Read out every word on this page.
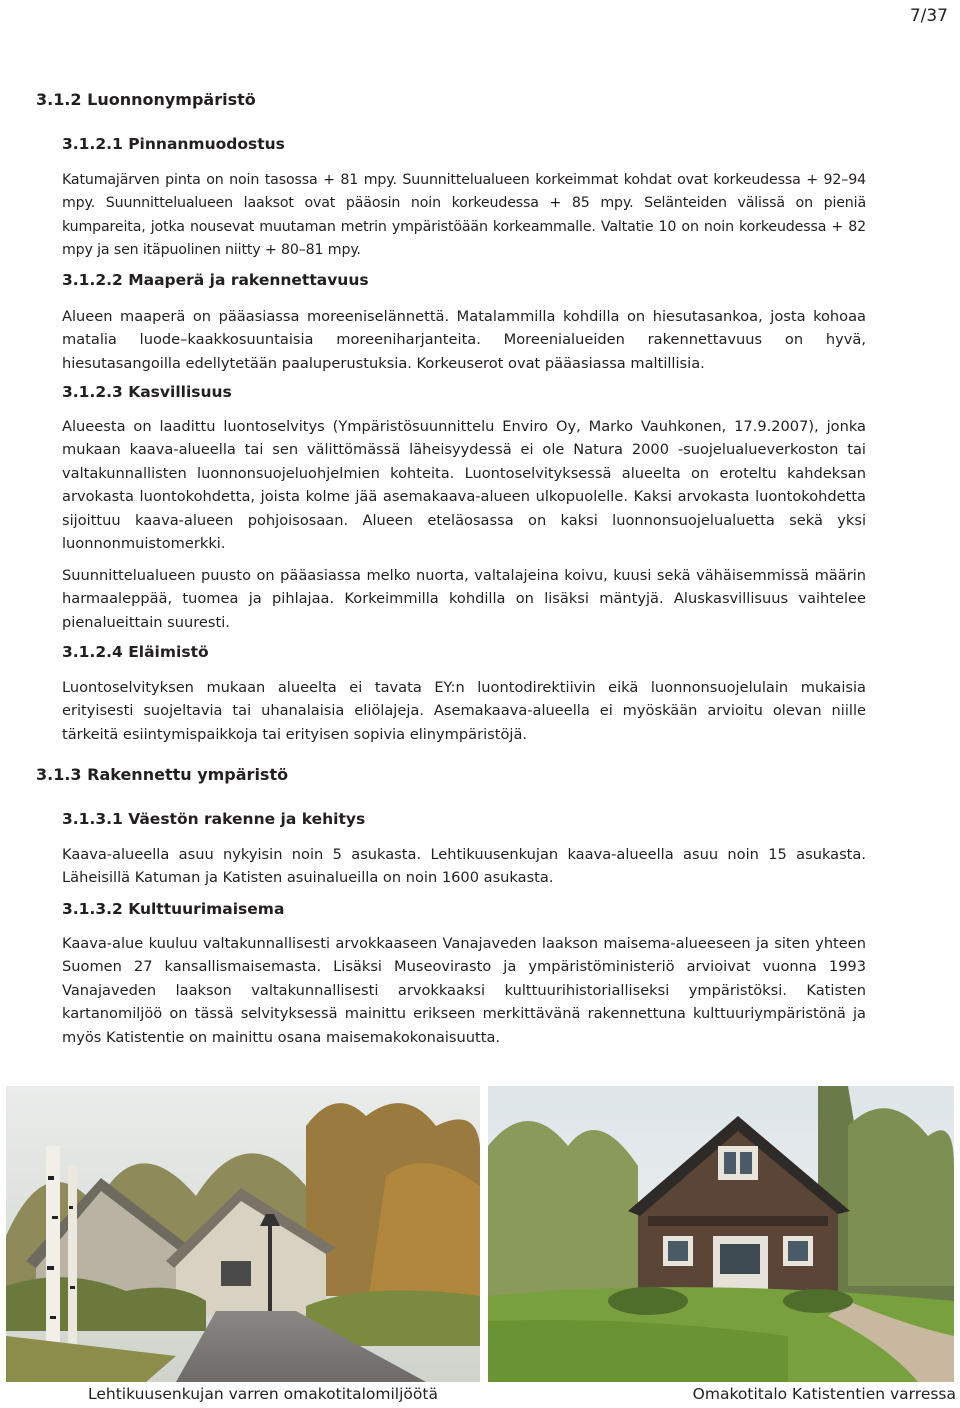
7/37
3.1.2 Luonnonympäristö
3.1.2.1 Pinnanmuodostus

Katumajärven pinta on noin tasossa + 81 mpy. Suunnittelualueen korkeimmat kohdat ovat korkeudessa + 92–94 mpy. Suunnittelualueen laaksot ovat pääosin noin korkeudessa + 85 mpy. Selänteiden välissä on pieniä kumpareita, jotka nousevat muutaman metrin ympäristöään korkeammalle. Valtatie 10 on noin korkeudessa + 82 mpy ja sen itäpuolinen niitty + 80–81 mpy.

3.1.2.2 Maaperä ja rakennettavuus

Alueen maaperä on pääasiassa moreeniselännettä. Matalammilla kohdilla on hiesutasankoa, josta kohoaa matalia luode–kaakkosuuntaisia moreeniharjanteita. Moreenialueiden rakennettavuus on hyvä, hiesutasangoilla edellytetään paaluperustuksia. Korkeuserot ovat pääasiassa maltillisia.

3.1.2.3 Kasvillisuus

Alueesta on laadittu luontoselvitys (Ympäristösuunnittelu Enviro Oy, Marko Vauhkonen, 17.9.2007), jonka mukaan kaava-alueella tai sen välittömässä läheisyydessä ei ole Natura 2000 -suojelualueverkoston tai valtakunnallisten luonnonsuojeluohjelmien kohteita. Luontoselvityksessä alueelta on eroteltu kahdeksan arvokasta luontokohdetta, joista kolme jää asemakaava-alueen ulkopuolelle. Kaksi arvokasta luontokohdetta sijoittuu kaava-alueen pohjoisosaan. Alueen eteläosassa on kaksi luonnonsuojelualuetta sekä yksi luonnonmuistomerkki.

Suunnittelualueen puusto on pääasiassa melko nuorta, valtalajeina koivu, kuusi sekä vähäisemmissä määrin harmaaleppää, tuomea ja pihlajaa. Korkeimmilla kohdilla on lisäksi mäntyjä. Aluskasvillisuus vaihtelee pienalueittain suuresti.

3.1.2.4 Eläimistö

Luontoselvityksen mukaan alueelta ei tavata EY:n luontodirektiivin eikä luonnonsuojelulain mukaisia erityisesti suojeltavia tai uhanalaisia eliölajeja. Asemakaava-alueella ei myöskään arvioitu olevan niille tärkeitä esiintymispaikkoja tai erityisen sopivia elinympäristöjä.

3.1.3 Rakennettu ympäristö
3.1.3.1 Väestön rakenne ja kehitys

Kaava-alueella asuu nykyisin noin 5 asukasta. Lehtikuusenkujan kaava-alueella asuu noin 15 asukasta. Läheisillä Katuman ja Katisten asuinalueilla on noin 1600 asukasta.

3.1.3.2 Kulttuurimaisema

Kaava-alue kuuluu valtakunnallisesti arvokkaaseen Vanajaveden laakson maisema-alueeseen ja siten yhteen Suomen 27 kansallismaisemasta. Lisäksi Museovirasto ja ympäristöministeriö arvioivat vuonna 1993 Vanajaveden laakson valtakunnallisesti arvokkaaksi kulttuurihistorialliseksi ympäristöksi. Katisten kartanomiljöö on tässä selvityksessä mainittu erikseen merkittävänä rakennettuna kulttuuriympäristönä ja myös Katistentie on mainittu osana maisemakokonaisuutta.

Lehtikuusenkujan varren omakotitalomiljöötä	Omakotitalo Katistentien varressa
